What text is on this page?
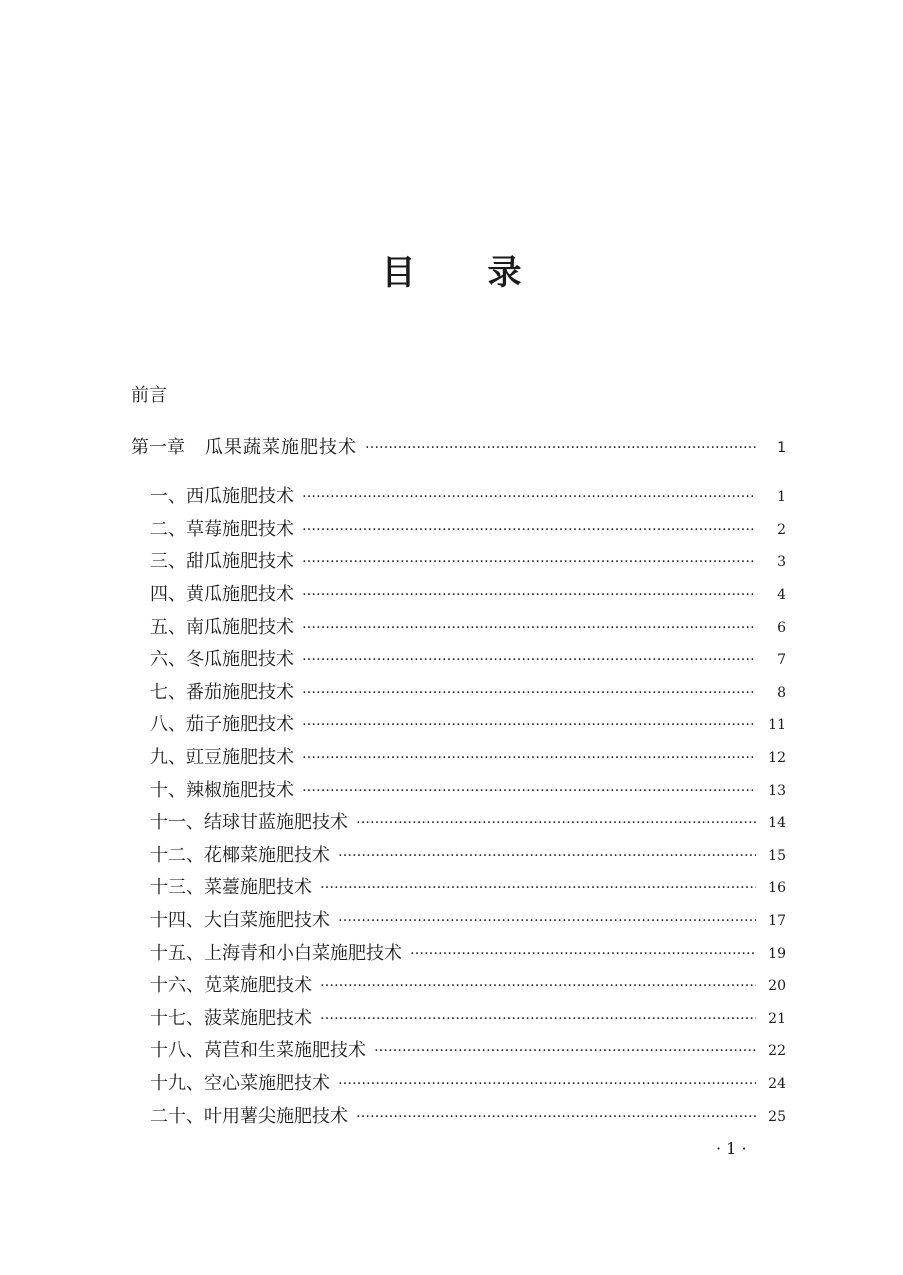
目录
前言
第一章 瓜果蔬菜施肥技术 …………………………………………………………………………………………………………………………………………………………………………………	1
一、西瓜施肥技术 …………………………………………………………………………………………………………………………………………………………………………………	1
二、草莓施肥技术 …………………………………………………………………………………………………………………………………………………………………………………	2
三、甜瓜施肥技术 …………………………………………………………………………………………………………………………………………………………………………………	3
四、黄瓜施肥技术 …………………………………………………………………………………………………………………………………………………………………………………	4
五、南瓜施肥技术 …………………………………………………………………………………………………………………………………………………………………………………	6
六、冬瓜施肥技术 …………………………………………………………………………………………………………………………………………………………………………………	7
七、番茄施肥技术 …………………………………………………………………………………………………………………………………………………………………………………	8
八、茄子施肥技术 …………………………………………………………………………………………………………………………………………………………………………………	11
九、豇豆施肥技术 …………………………………………………………………………………………………………………………………………………………………………………	12
十、辣椒施肥技术 …………………………………………………………………………………………………………………………………………………………………………………	13
十一、结球甘蓝施肥技术 …………………………………………………………………………………………………………………………………………………………………………………	14
十二、花椰菜施肥技术 …………………………………………………………………………………………………………………………………………………………………………………	15
十三、菜薹施肥技术 …………………………………………………………………………………………………………………………………………………………………………………	16
十四、大白菜施肥技术 …………………………………………………………………………………………………………………………………………………………………………………	17
十五、上海青和小白菜施肥技术 …………………………………………………………………………………………………………………………………………………………………………………	19
十六、苋菜施肥技术 …………………………………………………………………………………………………………………………………………………………………………………	20
十七、菠菜施肥技术 …………………………………………………………………………………………………………………………………………………………………………………	21
十八、莴苣和生菜施肥技术 …………………………………………………………………………………………………………………………………………………………………………………	22
十九、空心菜施肥技术 …………………………………………………………………………………………………………………………………………………………………………………	24
二十、叶用薯尖施肥技术 …………………………………………………………………………………………………………………………………………………………………………………	25
· 1 ·
